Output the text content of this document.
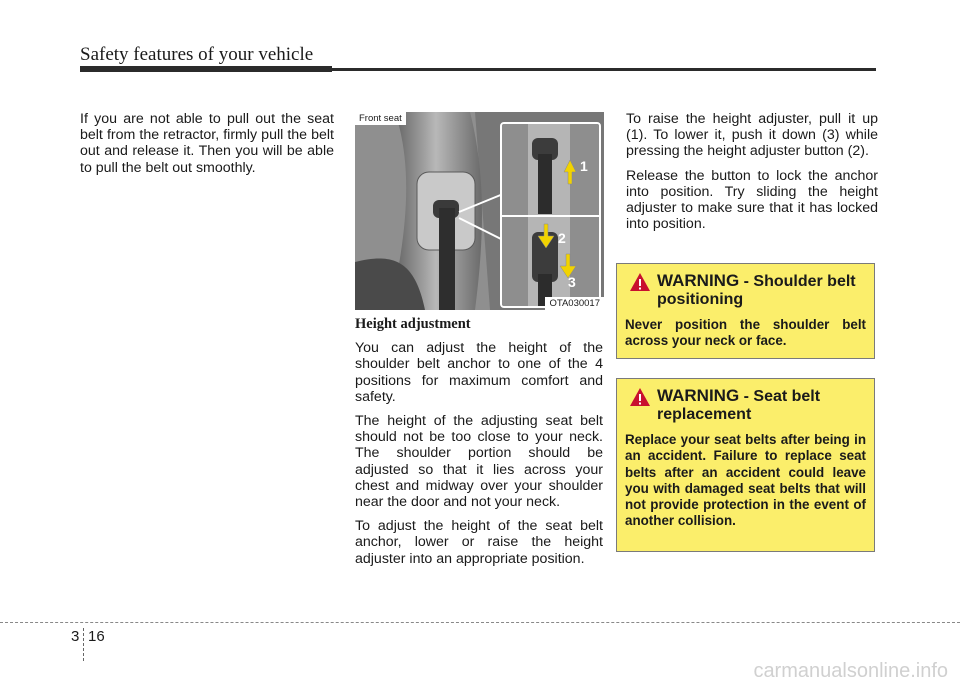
Safety features of your vehicle

If you are not able to pull out the seat belt from the retractor, firmly pull the belt out and release it. Then you will be able to pull the belt out smoothly.	1
2
3
Front seat
OTA030017
Height adjustment

You can adjust the height of the shoulder belt anchor to one of the 4 positions for maximum comfort and safety.

The height of the adjusting seat belt should not be too close to your neck. The shoulder portion should be adjusted so that it lies across your chest and midway over your shoulder near the door and not your neck.

To adjust the height of the seat belt anchor, lower or raise the height adjuster into an appropriate position.

To raise the height adjuster, pull it up (1). To lower it, push it down (3) while pressing the height adjuster button (2).

Release the button to lock the anchor into position. Try sliding the height adjuster to make sure that it has locked into position.

WARNING - Shoulder belt positioning
Never position the shoulder belt across your neck or face.
WARNING - Seat belt replacement
Replace your seat belts after being in an accident. Failure to replace seat belts after an accident could leave you with damaged seat belts that will not provide protection in the event of another collision.
3 16
carmanualsonline.info
